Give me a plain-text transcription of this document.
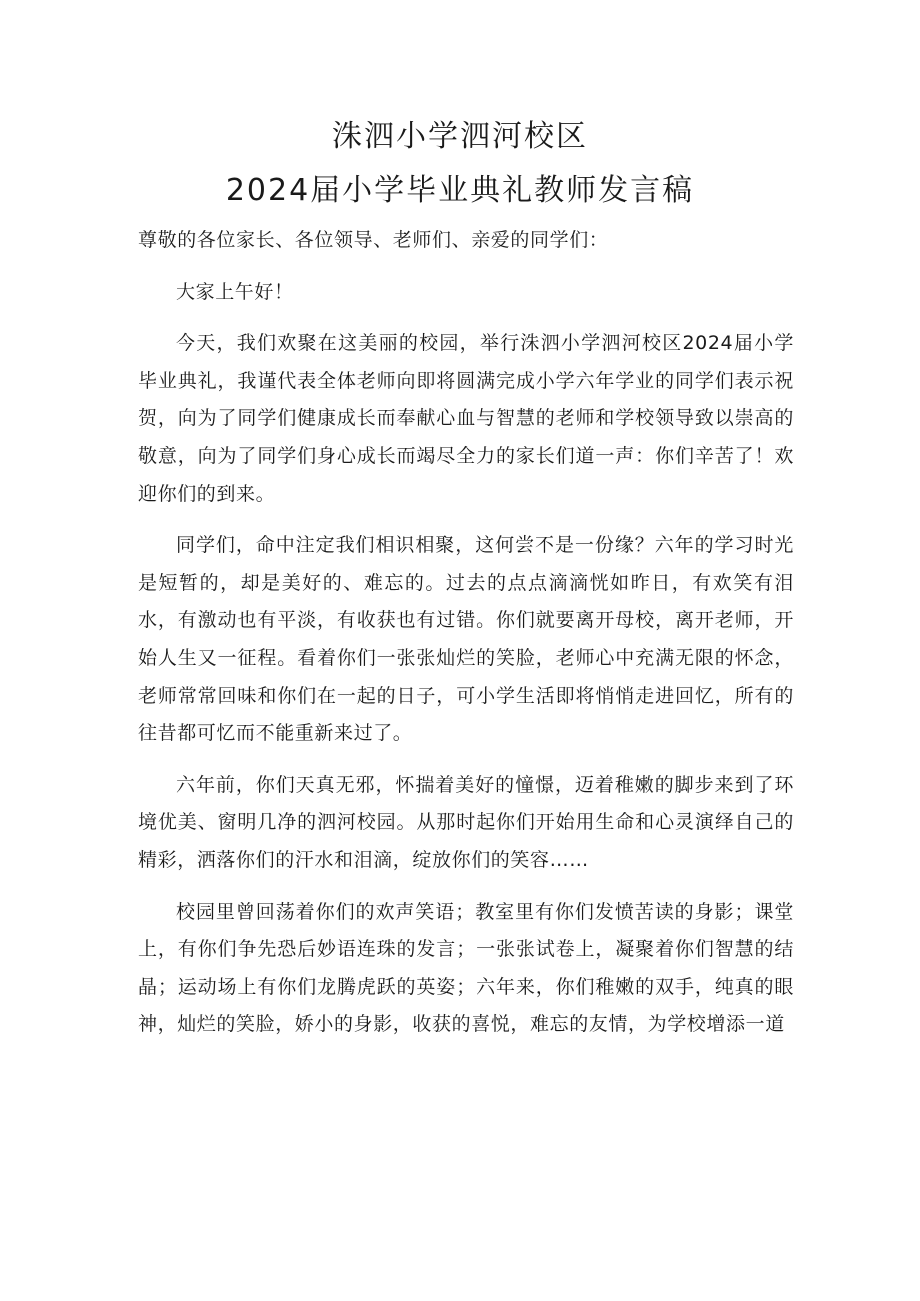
洙泗小学泗河校区
2024届小学毕业典礼教师发言稿

尊敬的各位家长、各位领导、老师们、亲爱的同学们：

大家上午好！

今天，我们欢聚在这美丽的校园，举行洙泗小学泗河校区2024届小学毕业典礼，我谨代表全体老师向即将圆满完成小学六年学业的同学们表示祝贺，向为了同学们健康成长而奉献心血与智慧的老师和学校领导致以崇高的敬意，向为了同学们身心成长而竭尽全力的家长们道一声：你们辛苦了！欢迎你们的到来。

同学们，命中注定我们相识相聚，这何尝不是一份缘？六年的学习时光是短暂的，却是美好的、难忘的。过去的点点滴滴恍如昨日，有欢笑有泪水，有激动也有平淡，有收获也有过错。你们就要离开母校，离开老师，开始人生又一征程。看着你们一张张灿烂的笑脸，老师心中充满无限的怀念，老师常常回味和你们在一起的日子，可小学生活即将悄悄走进回忆，所有的往昔都可忆而不能重新来过了。

六年前，你们天真无邪，怀揣着美好的憧憬，迈着稚嫩的脚步来到了环境优美、窗明几净的泗河校园。从那时起你们开始用生命和心灵演绎自己的精彩，洒落你们的汗水和泪滴，绽放你们的笑容……

校园里曾回荡着你们的欢声笑语；教室里有你们发愤苦读的身影；课堂上，有你们争先恐后妙语连珠的发言；一张张试卷上，凝聚着你们智慧的结晶；运动场上有你们龙腾虎跃的英姿；六年来，你们稚嫩的双手，纯真的眼神，灿烂的笑脸，娇小的身影，收获的喜悦，难忘的友情，为学校增添一道
